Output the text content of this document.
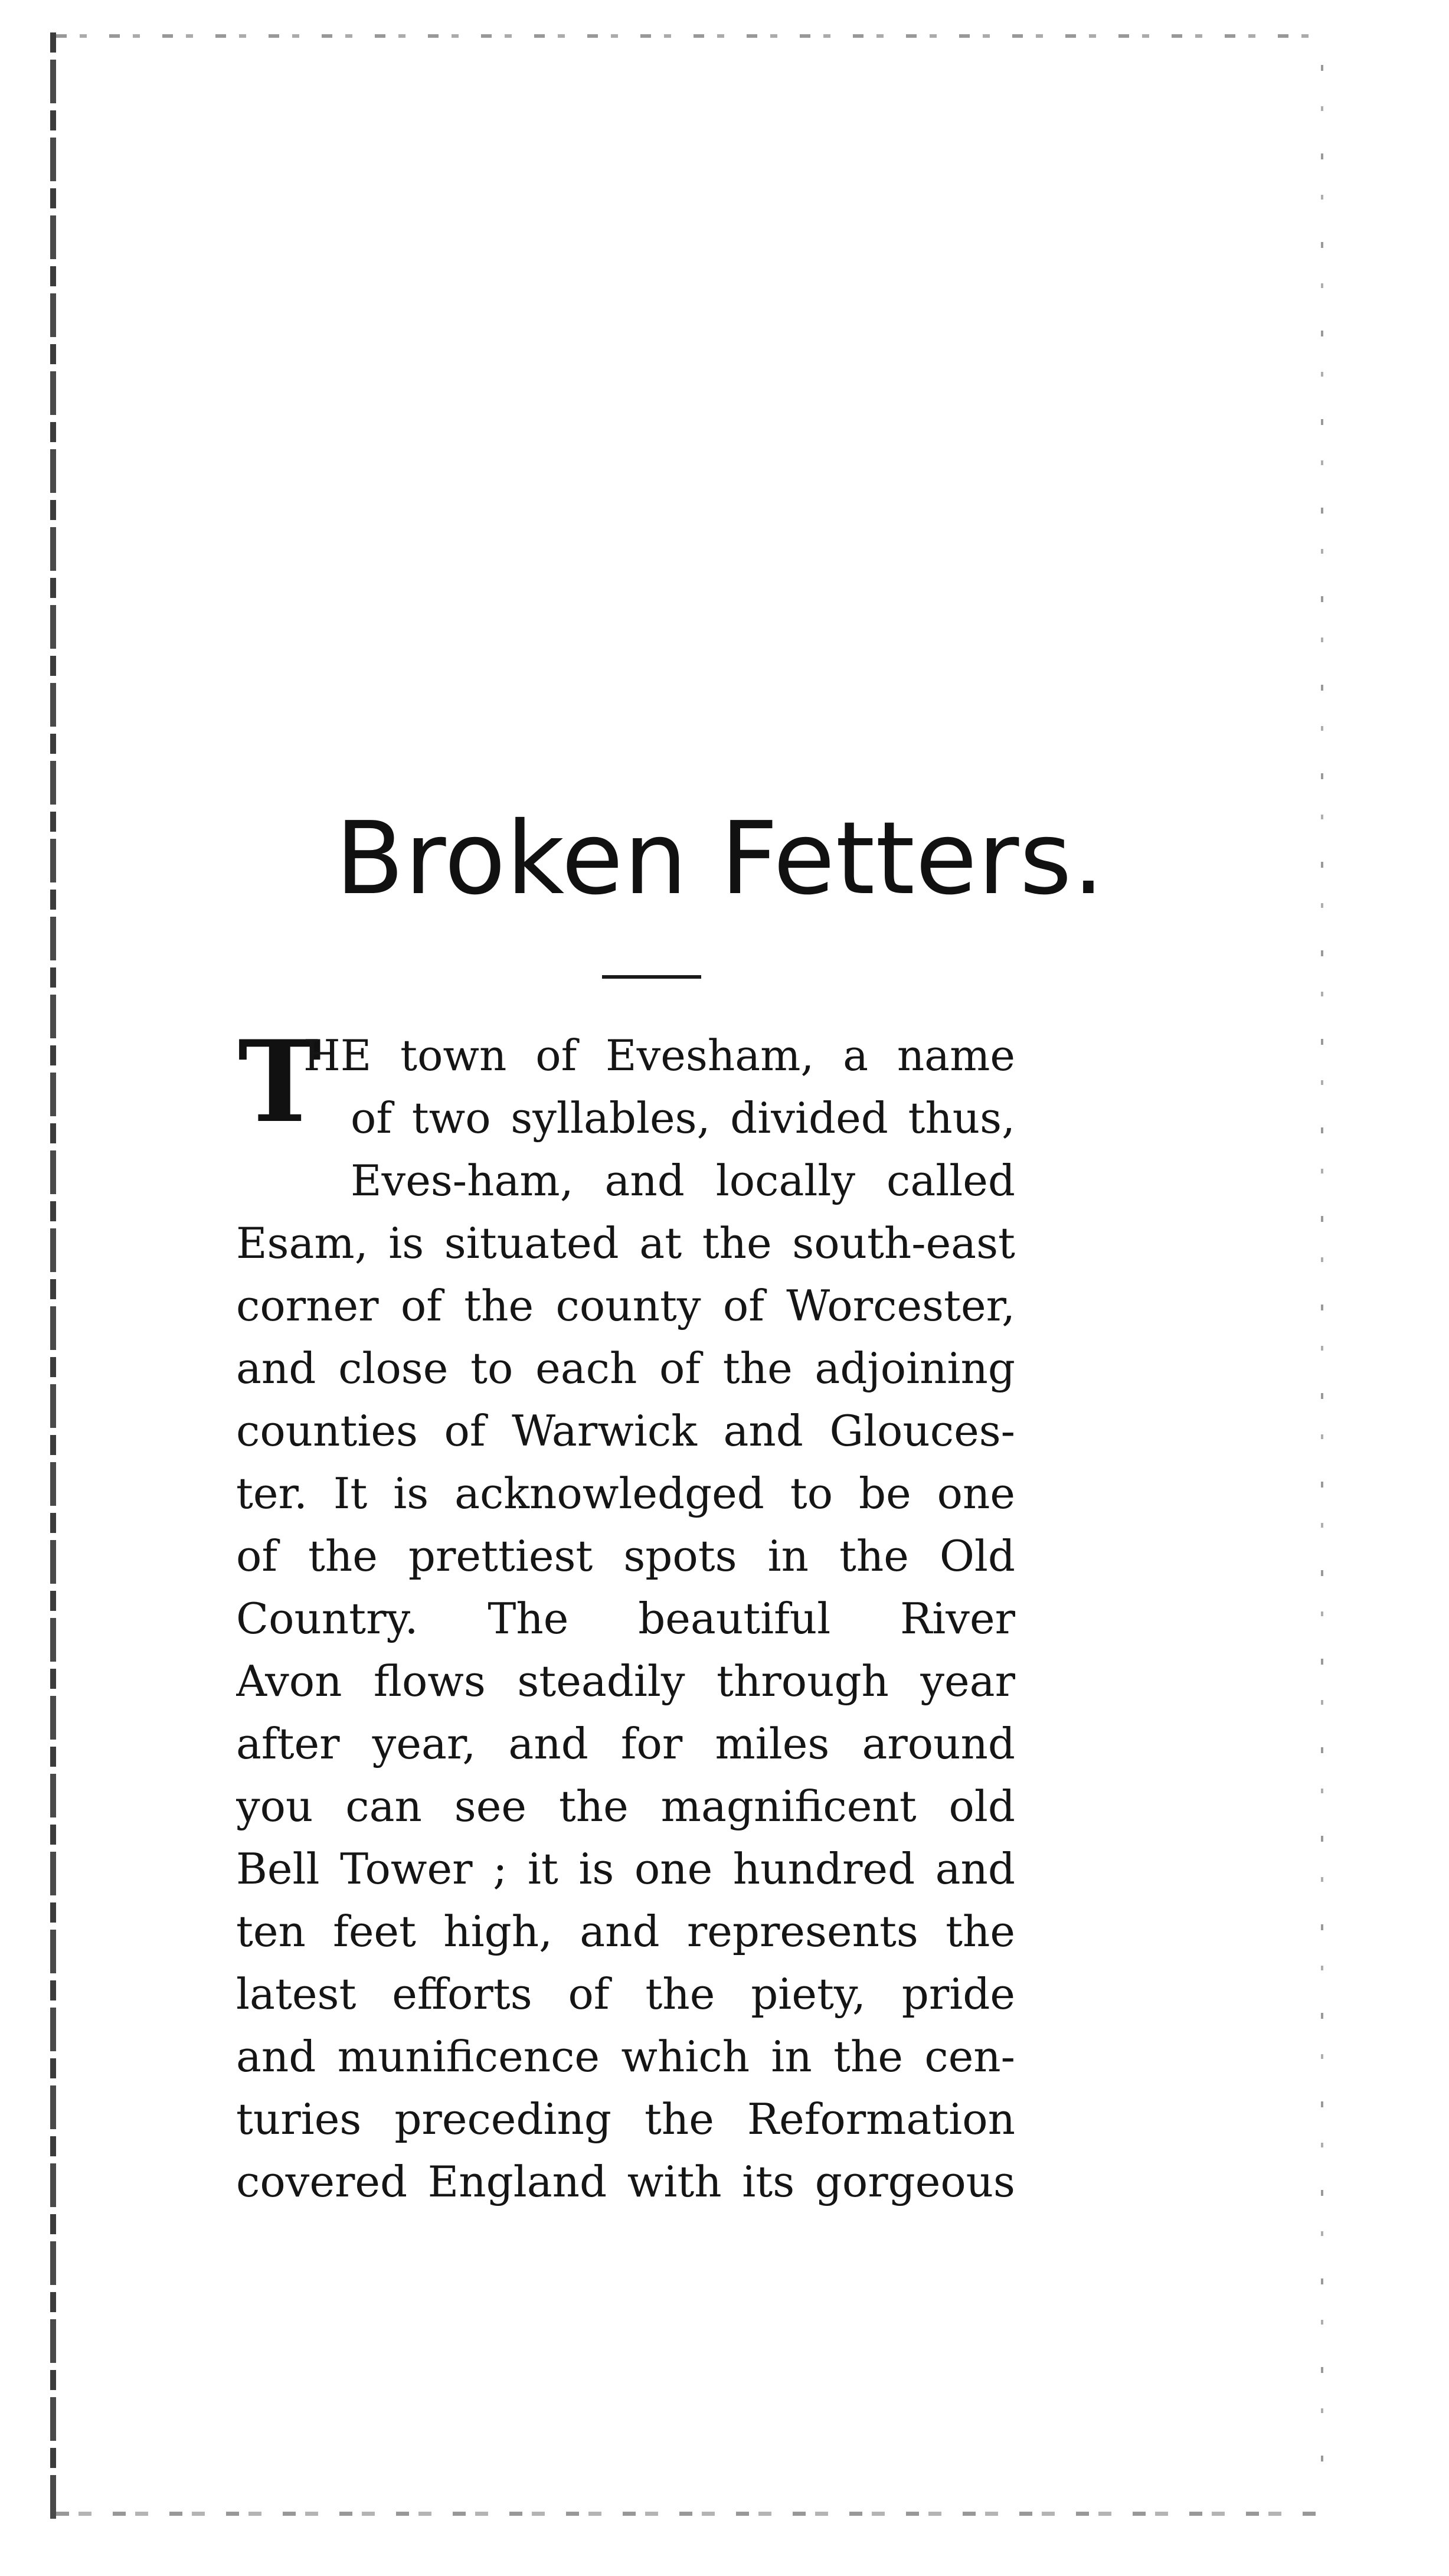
Broken Fetters.
T
HE town of Evesham, a name
of two syllables, divided thus,
Eves-ham, and locally called
Esam, is situated at the south-east
corner of the county of Worcester,
and close to each of the adjoining
counties of Warwick and Glouces-
ter. It is acknowledged to be one
of the prettiest spots in the Old
Country. The beautiful River
Avon flows steadily through year
after year, and for miles around
you can see the magnificent old
Bell Tower ; it is one hundred and
ten feet high, and represents the
latest efforts of the piety, pride
and munificence which in the cen-
turies preceding the Reformation
covered England with its gorgeous
